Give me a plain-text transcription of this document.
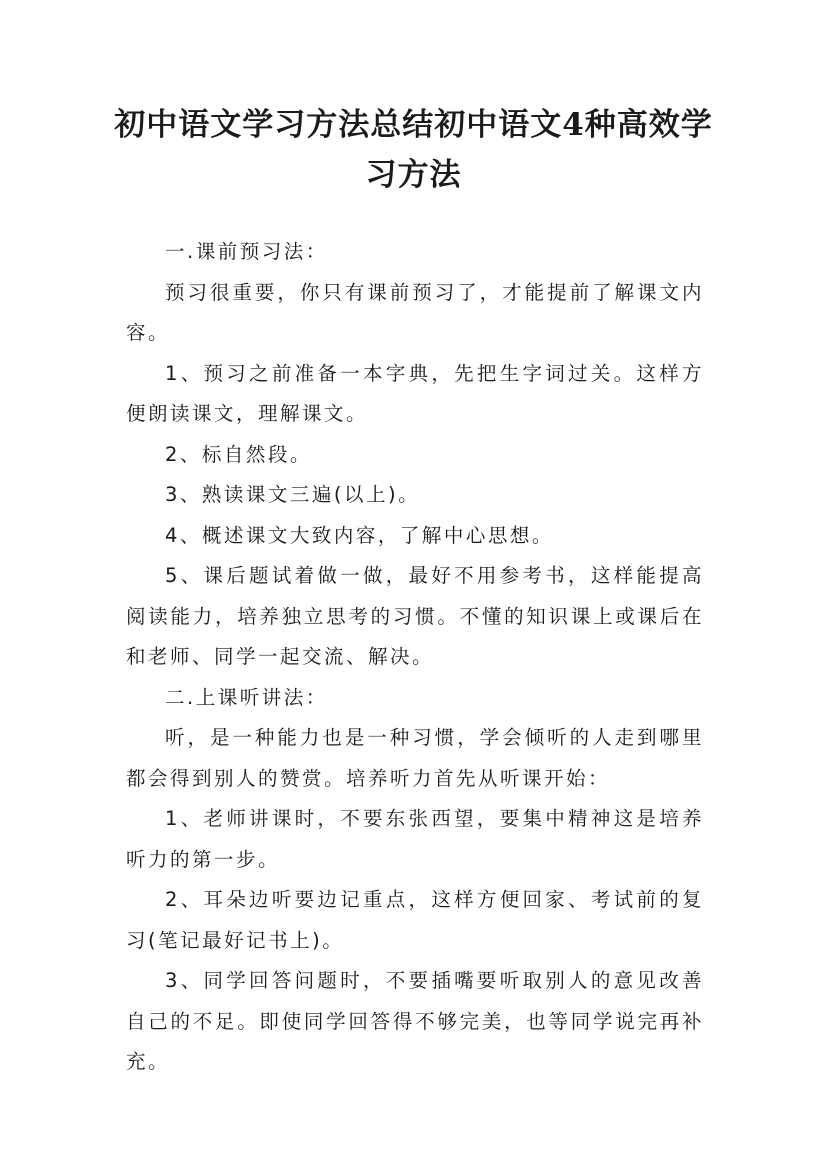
初中语文学习方法总结初中语文4种高效学习方法

一.课前预习法：

预习很重要，你只有课前预习了，才能提前了解课文内容。

1、预习之前准备一本字典，先把生字词过关。这样方便朗读课文，理解课文。

2、标自然段。

3、熟读课文三遍(以上)。

4、概述课文大致内容，了解中心思想。

5、课后题试着做一做，最好不用参考书，这样能提高阅读能力，培养独立思考的习惯。不懂的知识课上或课后在和老师、同学一起交流、解决。

二.上课听讲法：

听，是一种能力也是一种习惯，学会倾听的人走到哪里都会得到别人的赞赏。培养听力首先从听课开始：

1、老师讲课时，不要东张西望，要集中精神这是培养听力的第一步。

2、耳朵边听要边记重点，这样方便回家、考试前的复习(笔记最好记书上)。

3、同学回答问题时，不要插嘴要听取别人的意见改善自己的不足。即使同学回答得不够完美，也等同学说完再补充。
